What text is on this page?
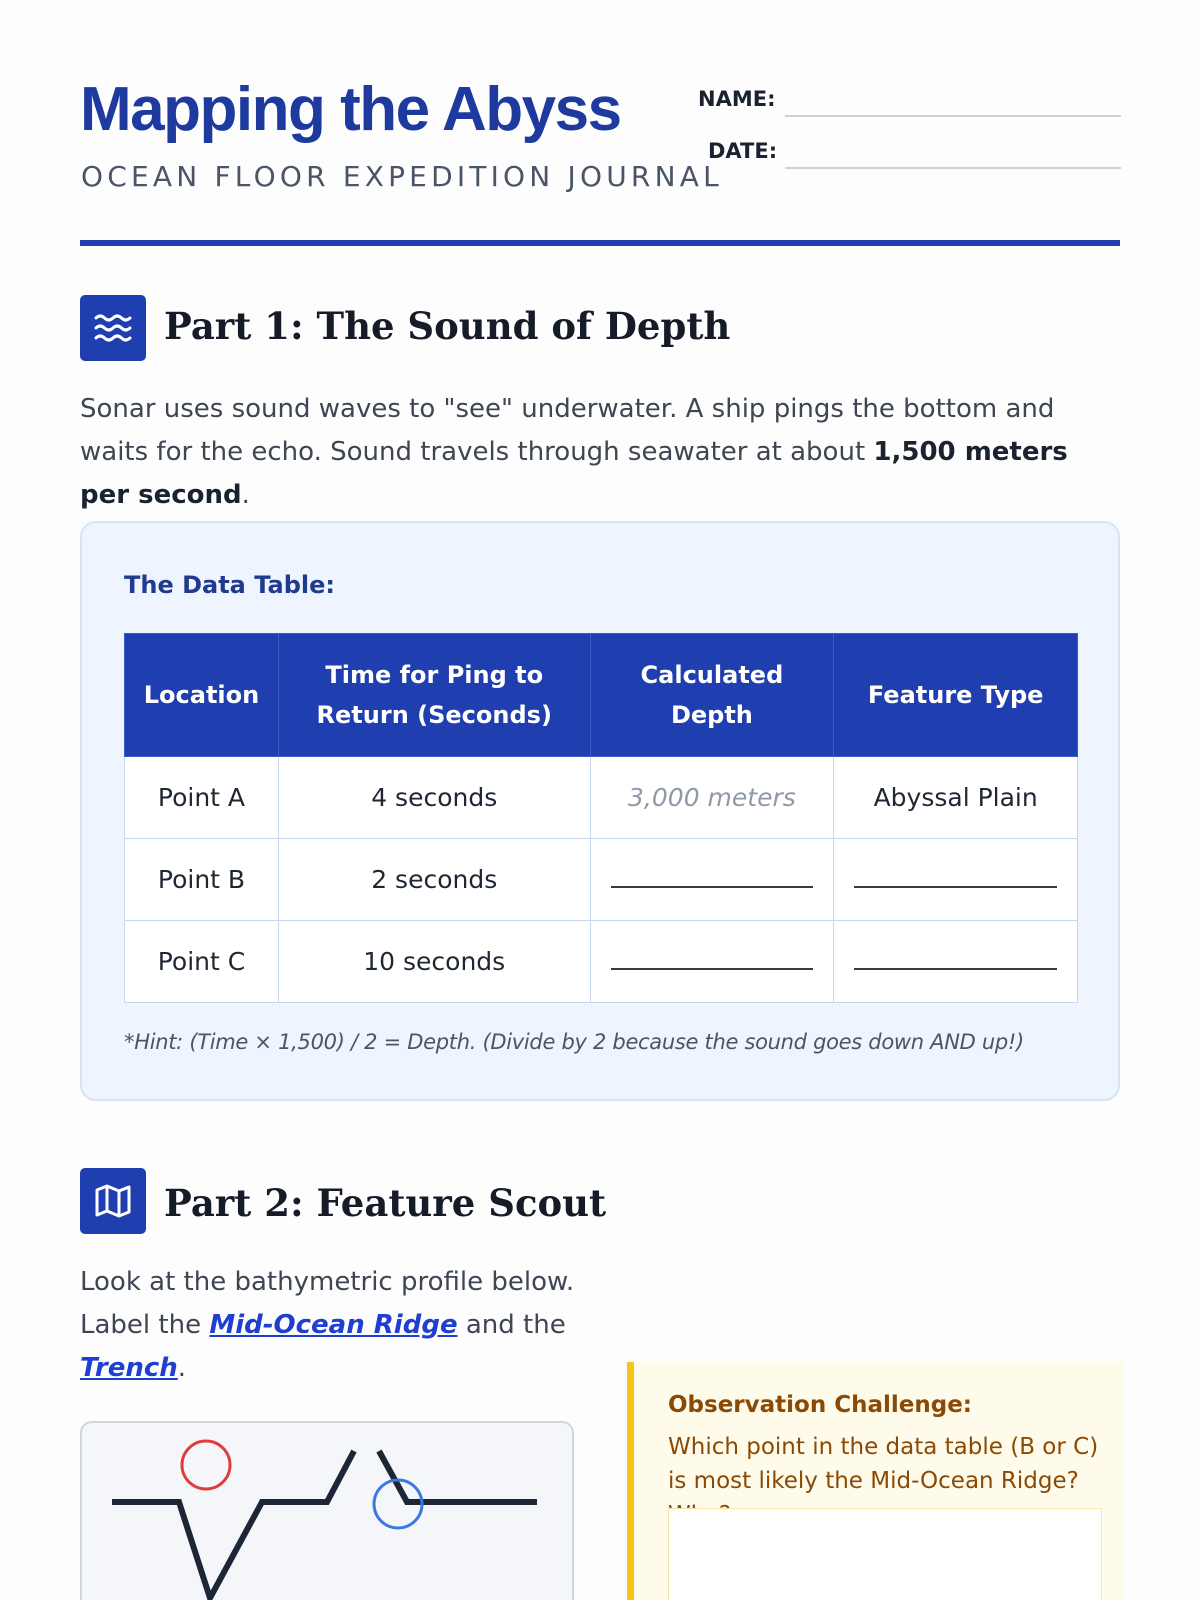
Mapping the Abyss
OCEAN FLOOR EXPEDITION JOURNAL
NAME:
DATE:
Part 1: The Sound of Depth
Sonar uses sound waves to "see" underwater. A ship pings the bottom and waits for the echo. Sound travels through seawater at about 1,500 meters per second.
The Data Table:
Location	Time for Ping to Return (Seconds)	Calculated Depth	Feature Type
Point A	4 seconds	3,000 meters	Abyssal Plain
Point B	2 seconds		
Point C	10 seconds		
*Hint: (Time × 1,500) / 2 = Depth. (Divide by 2 because the sound goes down AND up!)
Part 2: Feature Scout
Look at the bathymetric profile below.
Label the Mid-Ocean Ridge and the
Trench.
Observation Challenge:
Which point in the data table (B or C) is most likely the Mid-Ocean Ridge?
